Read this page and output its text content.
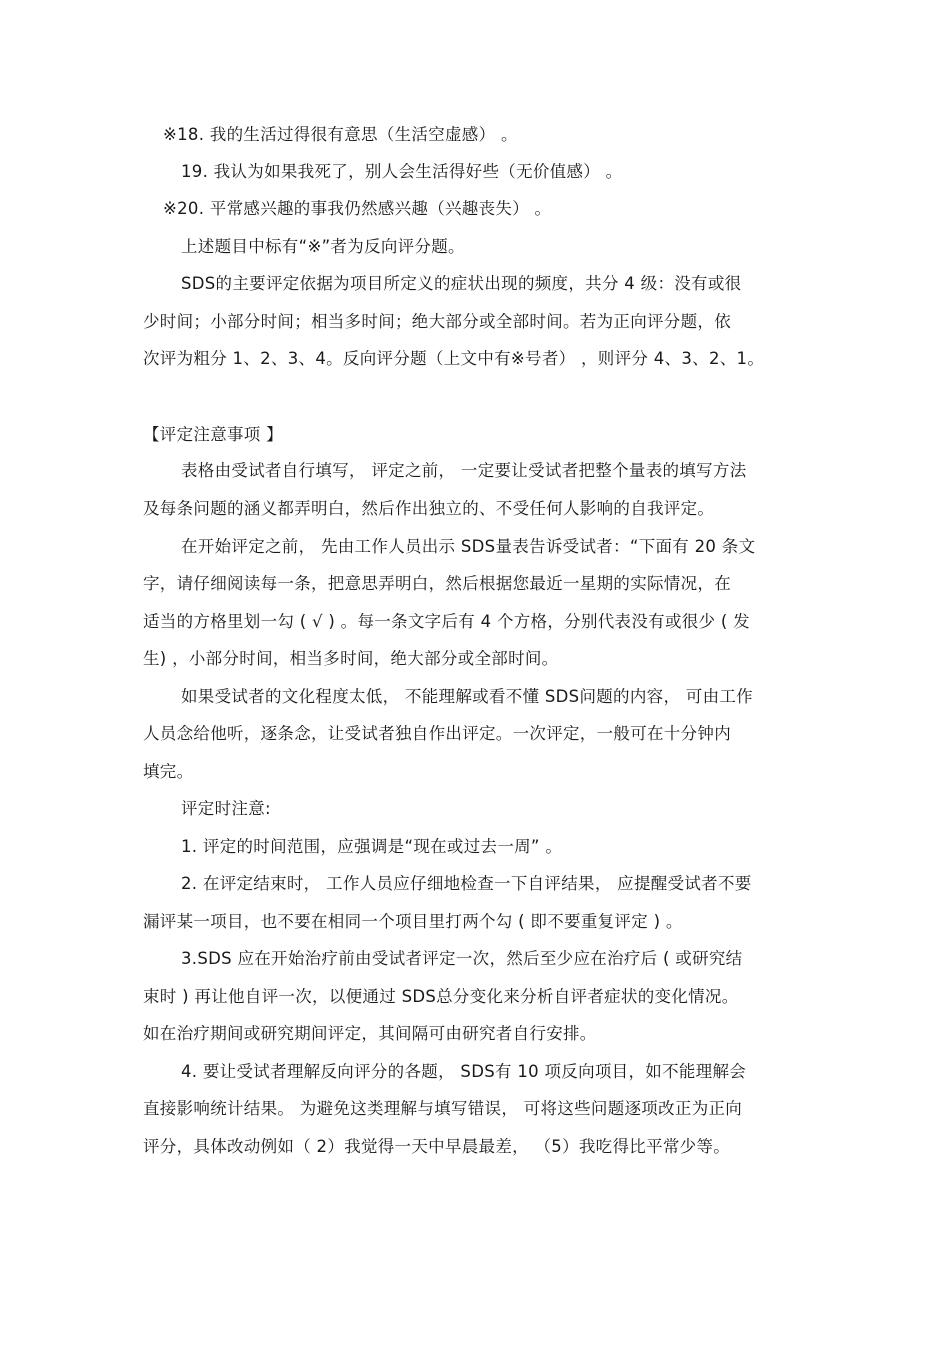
※18. 我的生活过得很有意思（生活空虚感） 。
19. 我认为如果我死了，别人会生活得好些（无价值感） 。
※20. 平常感兴趣的事我仍然感兴趣（兴趣丧失） 。
上述题目中标有“※”者为反向评分题。
SDS的主要评定依据为项目所定义的症状出现的频度，共分 4 级：没有或很
少时间；小部分时间；相当多时间；绝大部分或全部时间。若为正向评分题，依
次评为粗分 1、2、3、4。反向评分题（上文中有※号者） ，则评分 4、3、2、1。
【评定注意事项 】
表格由受试者自行填写， 评定之前， 一定要让受试者把整个量表的填写方法
及每条问题的涵义都弄明白，然后作出独立的、不受任何人影响的自我评定。
在开始评定之前， 先由工作人员出示 SDS量表告诉受试者：“下面有 20 条文
字，请仔细阅读每一条，把意思弄明白，然后根据您最近一星期的实际情况，在
适当的方格里划一勾 ( √ ) 。每一条文字后有 4 个方格，分别代表没有或很少 ( 发
生) ，小部分时间，相当多时间，绝大部分或全部时间。
如果受试者的文化程度太低， 不能理解或看不懂 SDS问题的内容， 可由工作
人员念给他听，逐条念，让受试者独自作出评定。一次评定，一般可在十分钟内
填完。
评定时注意:
1. 评定的时间范围，应强调是“现在或过去一周” 。
2. 在评定结束时， 工作人员应仔细地检查一下自评结果， 应提醒受试者不要
漏评某一项目，也不要在相同一个项目里打两个勾 ( 即不要重复评定 ) 。
3.SDS 应在开始治疗前由受试者评定一次，然后至少应在治疗后 ( 或研究结
束时 ) 再让他自评一次，以便通过 SDS总分变化来分析自评者症状的变化情况。
如在治疗期间或研究期间评定，其间隔可由研究者自行安排。
4. 要让受试者理解反向评分的各题， SDS有 10 项反向项目，如不能理解会
直接影响统计结果。 为避免这类理解与填写错误， 可将这些问题逐项改正为正向
评分，具体改动例如（ 2）我觉得一天中早晨最差， （5）我吃得比平常少等。
